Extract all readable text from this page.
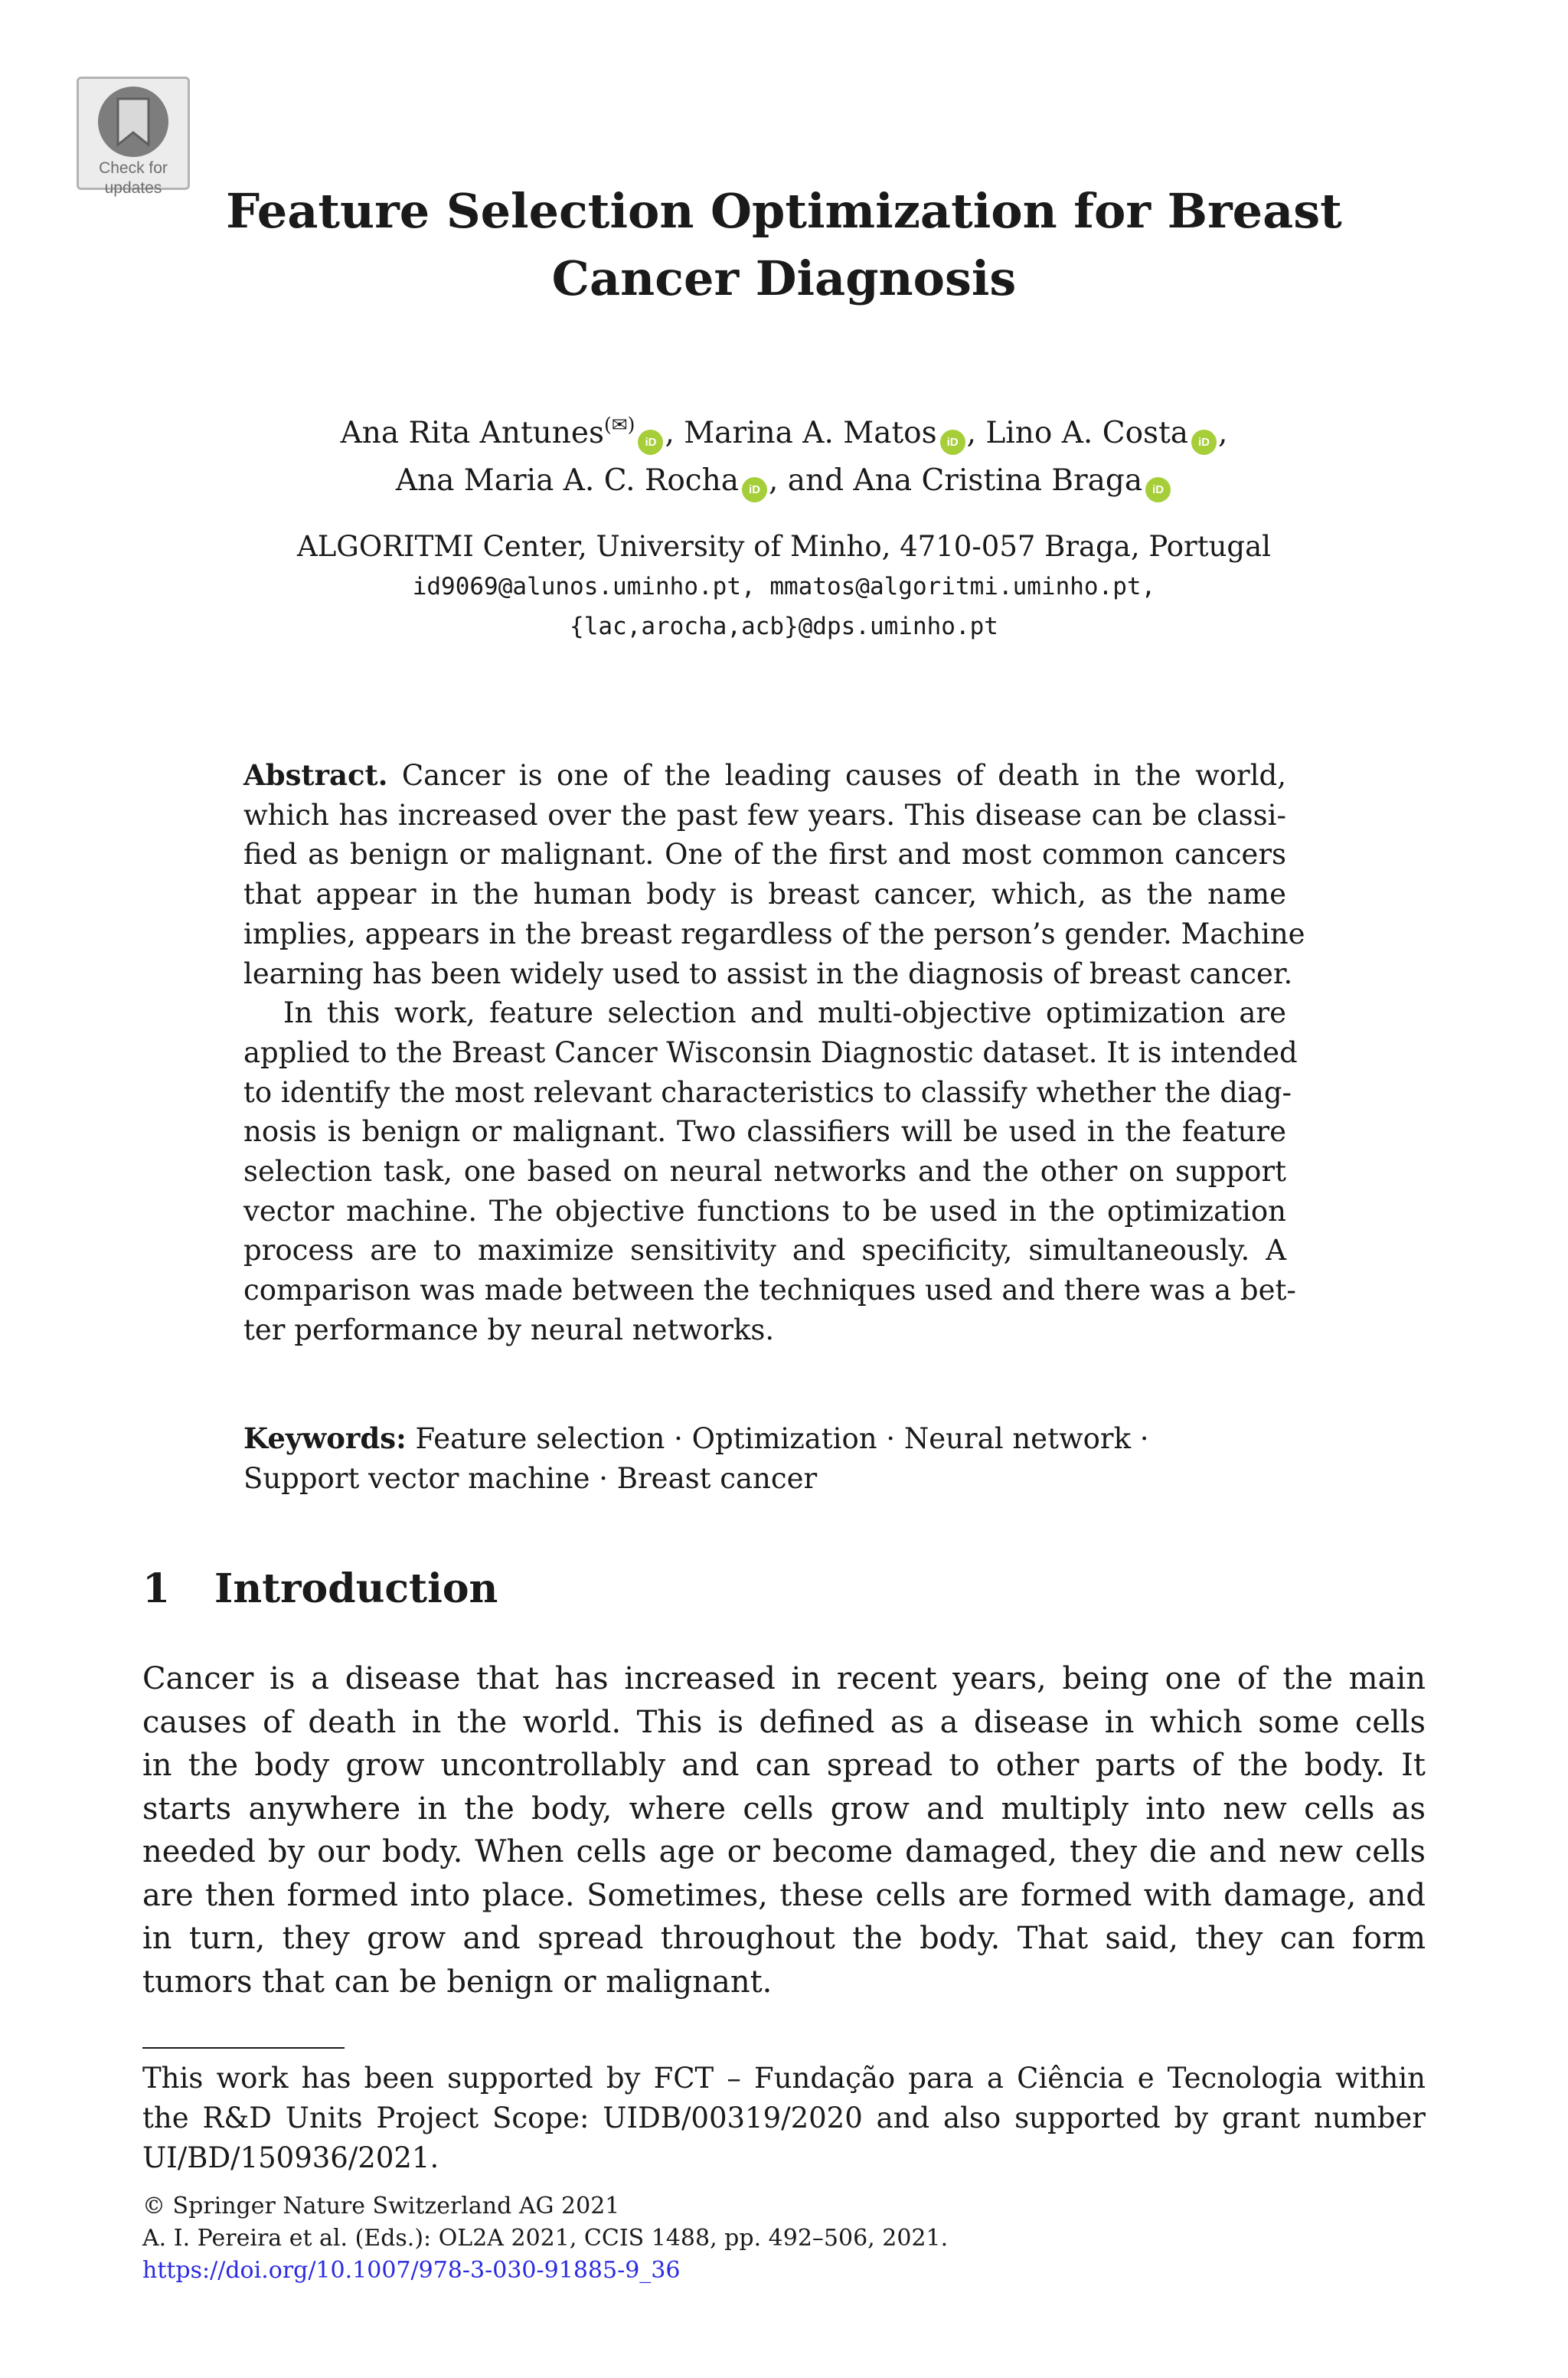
Check for
updates	Feature Selection Optimization for Breast
Cancer Diagnosis
Ana Rita Antunes(✉)iD , Marina A. Matos iD , Lino A. Costa iD ,
Ana Maria A. C. Rocha iD , and Ana Cristina Braga iD
ALGORITMI Center, University of Minho, 4710-057 Braga, Portugal
id9069@alunos.uminho.pt, mmatos@algoritmi.uminho.pt,
{lac,arocha,acb}@dps.uminho.pt
Abstract. Cancer is one of the leading causes of death in the world,
which has increased over the past few years. This disease can be classi-
fied as benign or malignant. One of the first and most common cancers
that appear in the human body is breast cancer, which, as the name
implies, appears in the breast regardless of the person’s gender. Machine
learning has been widely used to assist in the diagnosis of breast cancer.
In this work, feature selection and multi-objective optimization are
applied to the Breast Cancer Wisconsin Diagnostic dataset. It is intended
to identify the most relevant characteristics to classify whether the diag-
nosis is benign or malignant. Two classifiers will be used in the feature
selection task, one based on neural networks and the other on support
vector machine. The objective functions to be used in the optimization
process are to maximize sensitivity and specificity, simultaneously. A
comparison was made between the techniques used and there was a bet-
ter performance by neural networks.
Keywords: Feature selection · Optimization · Neural network ·
Support vector machine · Breast cancer
1 Introduction
Cancer is a disease that has increased in recent years, being one of the main
causes of death in the world. This is defined as a disease in which some cells
in the body grow uncontrollably and can spread to other parts of the body. It
starts anywhere in the body, where cells grow and multiply into new cells as
needed by our body. When cells age or become damaged, they die and new cells
are then formed into place. Sometimes, these cells are formed with damage, and
in turn, they grow and spread throughout the body. That said, they can form
tumors that can be benign or malignant.
This work has been supported by FCT – Fundação para a Ciência e Tecnologia within
the R&D Units Project Scope: UIDB/00319/2020 and also supported by grant number
UI/BD/150936/2021.
© Springer Nature Switzerland AG 2021
A. I. Pereira et al. (Eds.): OL2A 2021, CCIS 1488, pp. 492–506, 2021.
https://doi.org/10.1007/978-3-030-91885-9_36
